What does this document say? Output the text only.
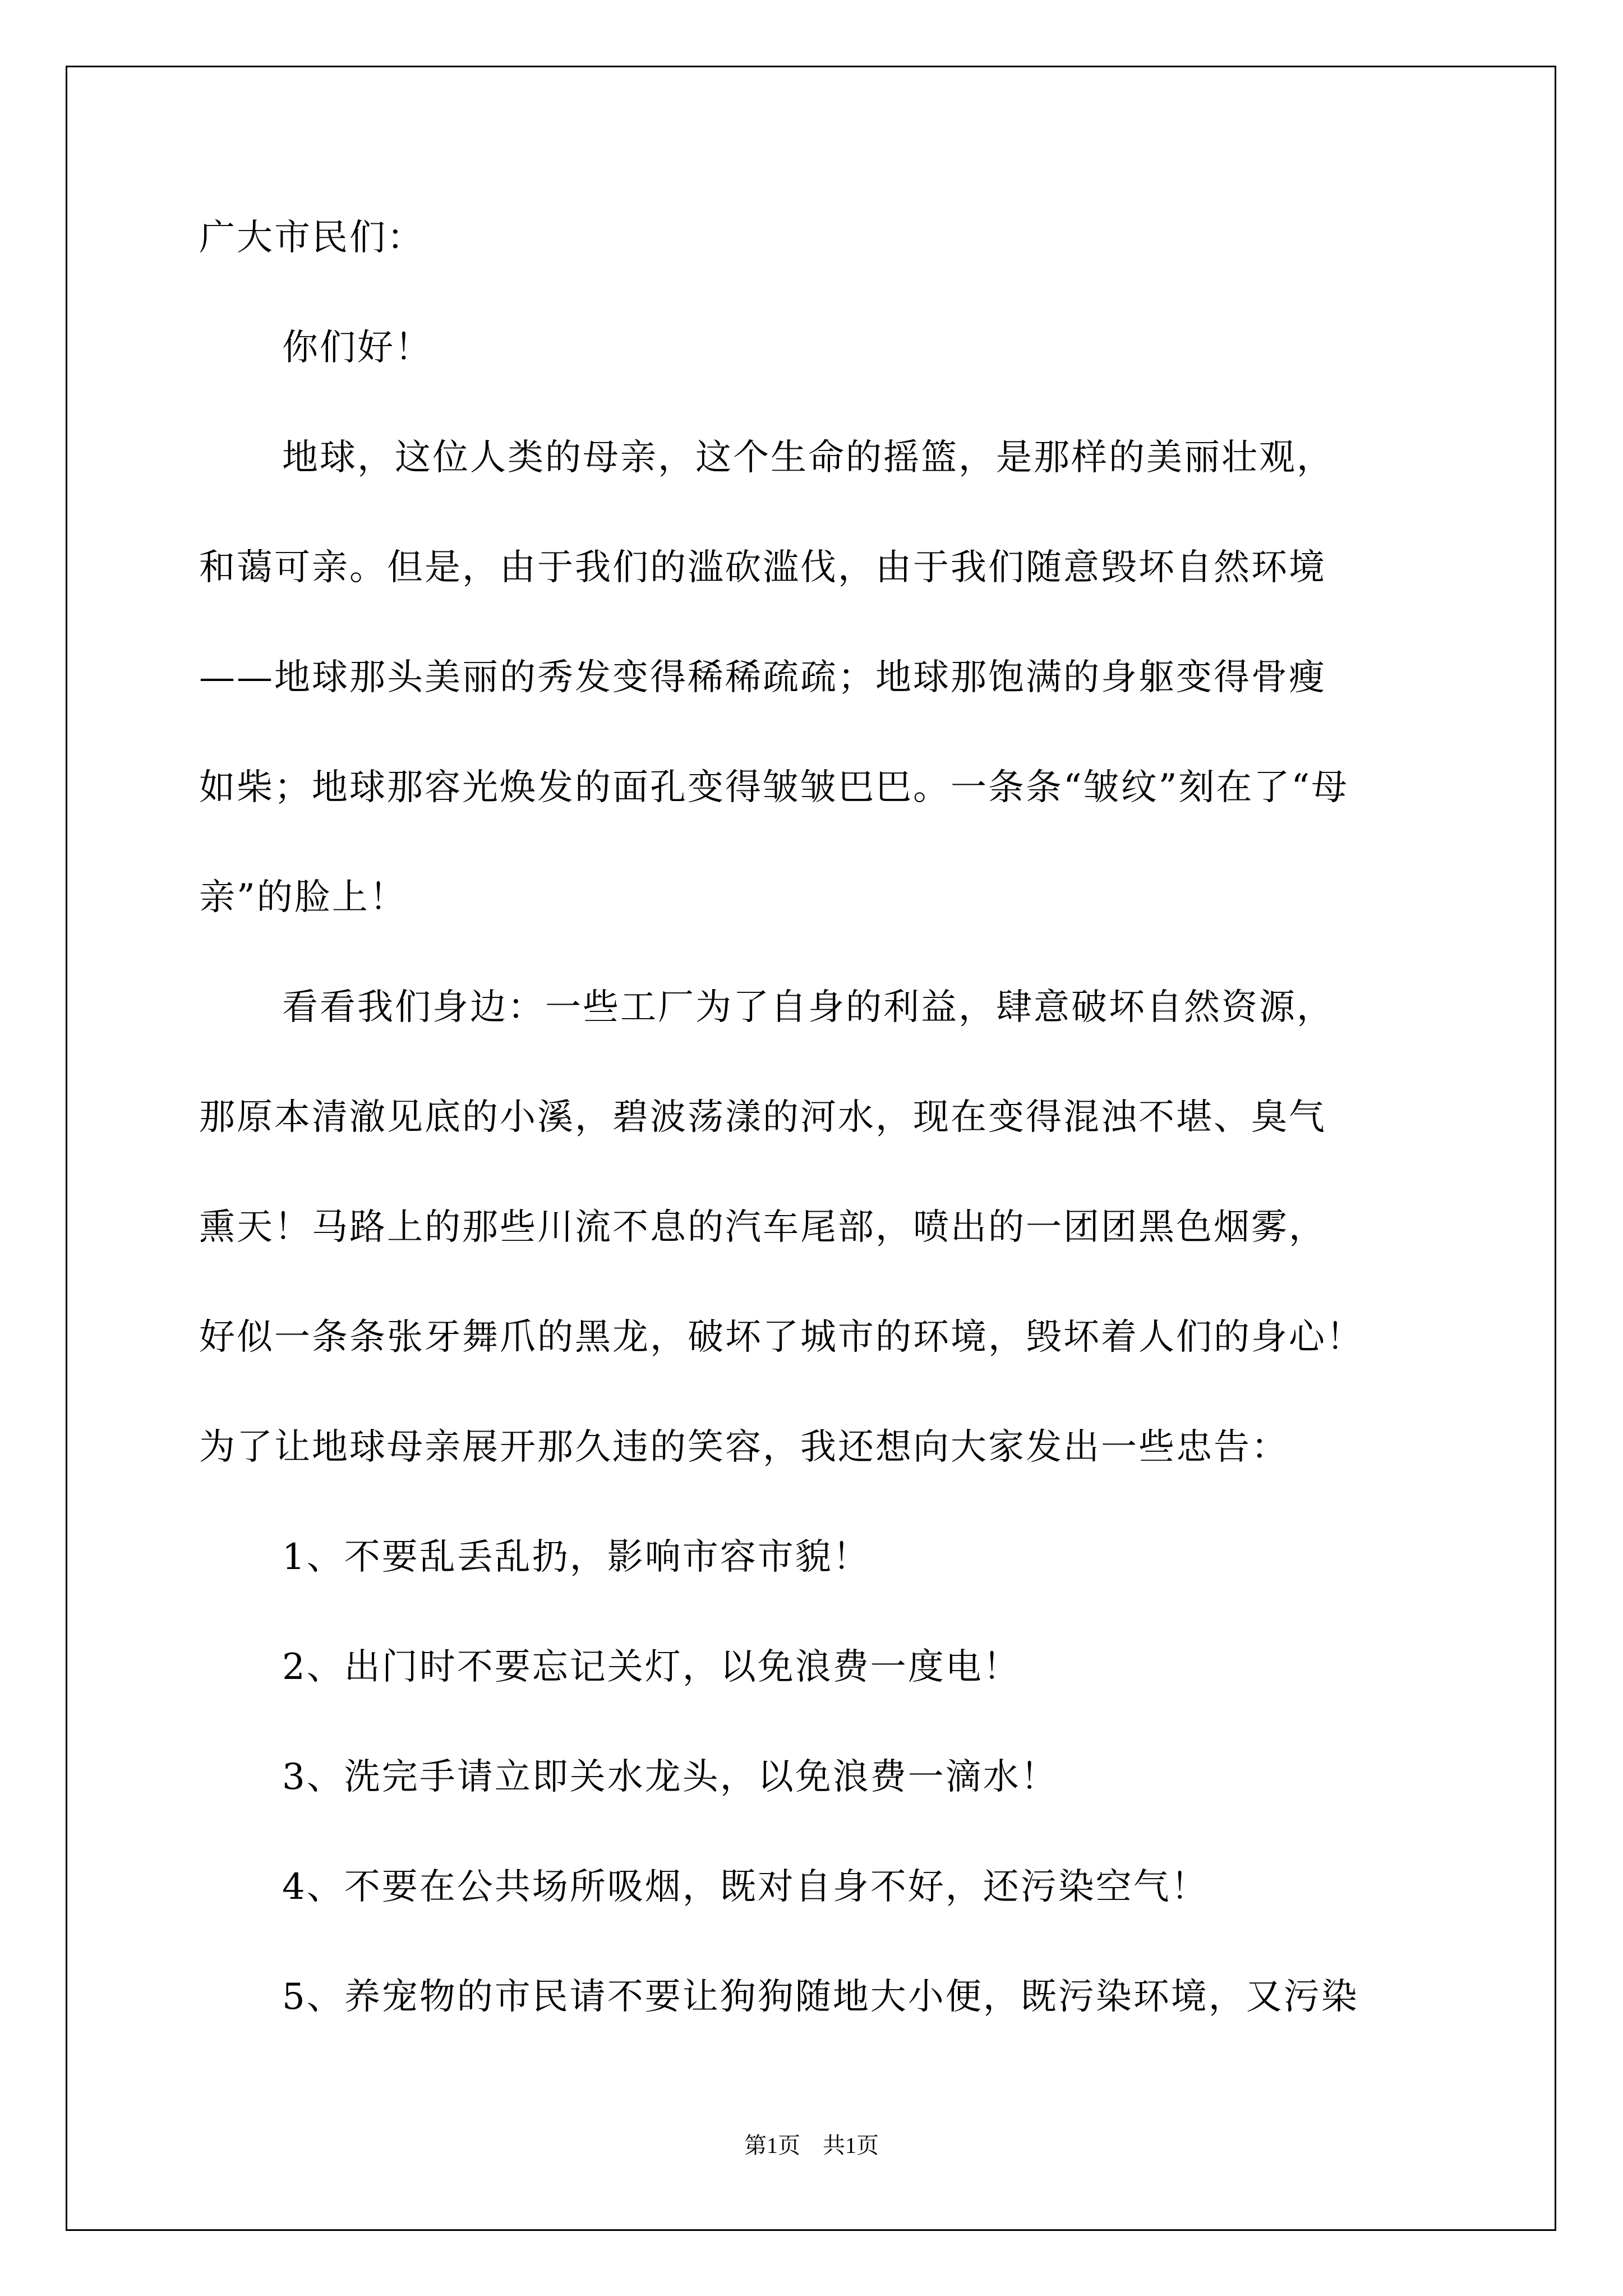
广大市民们：
你们好！
地球，这位人类的母亲，这个生命的摇篮，是那样的美丽壮观，
和蔼可亲。但是，由于我们的滥砍滥伐，由于我们随意毁坏自然环境
——地球那头美丽的秀发变得稀稀疏疏；地球那饱满的身躯变得骨瘦
如柴；地球那容光焕发的面孔变得皱皱巴巴。一条条“皱纹”刻在了“母
亲”的脸上！
看看我们身边：一些工厂为了自身的利益，肆意破坏自然资源，
那原本清澈见底的小溪，碧波荡漾的河水，现在变得混浊不堪、臭气
熏天！马路上的那些川流不息的汽车尾部，喷出的一团团黑色烟雾，
好似一条条张牙舞爪的黑龙，破坏了城市的环境，毁坏着人们的身心！
为了让地球母亲展开那久违的笑容，我还想向大家发出一些忠告：
1、不要乱丢乱扔，影响市容市貌！
2、出门时不要忘记关灯，以免浪费一度电！
3、洗完手请立即关水龙头，以免浪费一滴水！
4、不要在公共场所吸烟，既对自身不好，还污染空气！
5、养宠物的市民请不要让狗狗随地大小便，既污染环境，又污染
第1页　共1页
